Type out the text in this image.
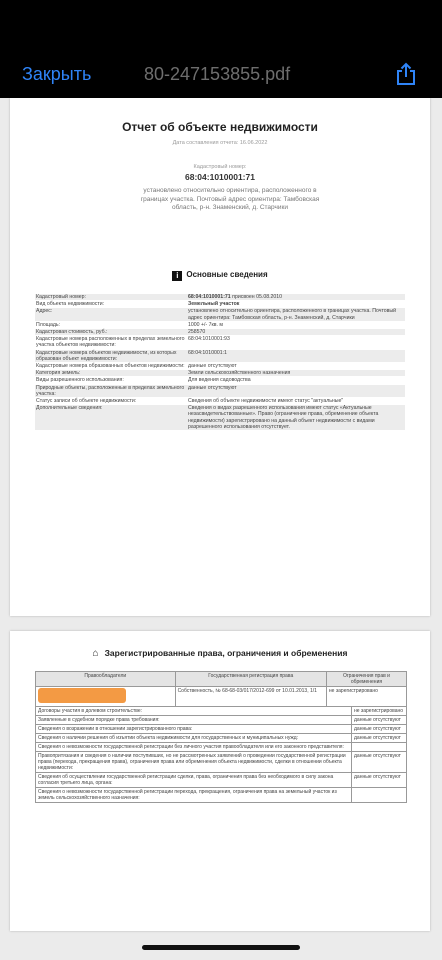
Закрыть	80-247153855.pdf
Отчет об объекте недвижимости
Дата составления отчета: 16.06.2022
Кадастровый номер:
68:04:1010001:71
установлено относительно ориентира, расположенного в границах участка. Почтовый адрес ориентира: Тамбовская область, р-н. Знаменский, д. Старчики
i Основные сведения
Кадастровый номер:	68:04:1010001:71 присвоен 05.08.2010
Вид объекта недвижимости:	Земельный участок
Адрес:	установлено относительно ориентира, расположенного в границах участка. Почтовый адрес ориентира: Тамбовская область, р-н. Знаменский, д. Старчики
Площадь:	1000 +/- 7кв. м
Кадастровая стоимость, руб.:	258570
Кадастровые номера расположенных в пределах земельного участка объектов недвижимости:	68:04:1010001:93
Кадастровые номера объектов недвижимости, из которых образован объект недвижимости:	68:04:1010001:1
Кадастровые номера образованных объектов недвижимости:	данные отсутствуют
Категория земель:	Земли сельскохозяйственного назначения
Виды разрешенного использования:	Для ведения садоводства
Природные объекты, расположенные в пределах земельного участка:	данные отсутствуют
Статус записи об объекте недвижимости:	Сведения об объекте недвижимости имеют статус "актуальные"
Дополнительные сведения:	Сведения о видах разрешенного использования имеют статус «Актуальные незасвидетельствованные». Право (ограничение права, обременение объекта недвижимости) зарегистрировано на данный объект недвижимости с видами разрешенного использования отсутствует.
⌂ Зарегистрированные права, ограничения и обременения
Правообладатели	Государственная регистрация права	Ограничения прав и обременения	
	Собственность, № 68-68-03/017/2012-699 от 10.01.2013, 1/1	не зарегистрировано	
Договоры участия в долевом строительстве:			не зарегистрировано
Заявленные в судебном порядке права требования:			данные отсутствуют
Сведения о возражении в отношении зарегистрированного права:			данные отсутствуют
Сведения о наличии решения об изъятии объекта недвижимости для государственных и муниципальных нужд:			данные отсутствуют
Сведения о невозможности государственной регистрации без личного участия правообладателя или его законного представителя:			
Правопритязания и сведения о наличии поступивших, но не рассмотренных заявлений о проведении государственной регистрации права (перехода, прекращения права), ограничения права или обременения объекта недвижимости, сделки в отношении объекта недвижимости:			данные отсутствуют
Сведения об осуществлении государственной регистрации сделки, права, ограничения права без необходимого в силу закона согласия третьего лица, органа:			данные отсутствуют
Сведения о невозможности государственной регистрации перехода, прекращения, ограничения права на земельный участок из земель сельскохозяйственного назначения:			
